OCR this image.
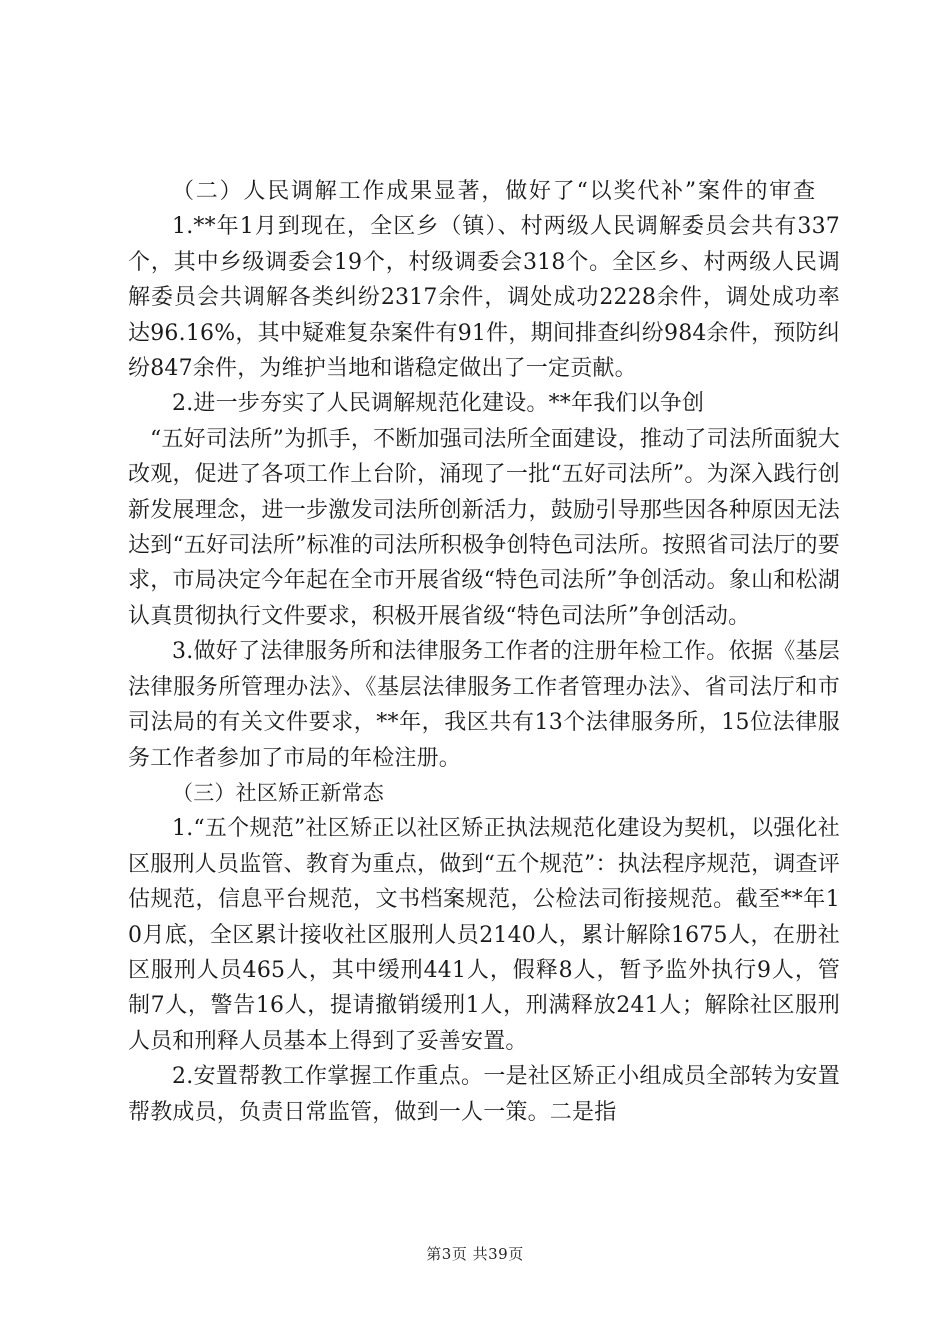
（二）人民调解工作成果显著，做好了“以奖代补”案件的审查

1.**年1月到现在，全区乡（镇）、村两级人民调解委员会共有337个，其中乡级调委会19个，村级调委会318个。全区乡、村两级人民调解委员会共调解各类纠纷2317余件，调处成功2228余件，调处成功率达96.16%，其中疑难复杂案件有91件，期间排查纠纷984余件，预防纠纷847余件，为维护当地和谐稳定做出了一定贡献。

2.进一步夯实了人民调解规范化建设。**年我们以争创

“五好司法所”为抓手，不断加强司法所全面建设，推动了司法所面貌大改观，促进了各项工作上台阶，涌现了一批“五好司法所”。为深入践行创新发展理念，进一步激发司法所创新活力，鼓励引导那些因各种原因无法达到“五好司法所”标准的司法所积极争创特色司法所。按照省司法厅的要求，市局决定今年起在全市开展省级“特色司法所”争创活动。象山和松湖认真贯彻执行文件要求，积极开展省级“特色司法所”争创活动。

3.做好了法律服务所和法律服务工作者的注册年检工作。依据《基层法律服务所管理办法》、《基层法律服务工作者管理办法》、省司法厅和市司法局的有关文件要求，**年，我区共有13个法律服务所，15位法律服务工作者参加了市局的年检注册。

（三）社区矫正新常态

1.“五个规范”社区矫正以社区矫正执法规范化建设为契机，以强化社区服刑人员监管、教育为重点，做到“五个规范”：执法程序规范，调查评估规范，信息平台规范，文书档案规范，公检法司衔接规范。截至**年10月底，全区累计接收社区服刑人员2140人，累计解除1675人，在册社区服刑人员465人，其中缓刑441人，假释8人，暂予监外执行9人，管制7人，警告16人，提请撤销缓刑1人，刑满释放241人；解除社区服刑人员和刑释人员基本上得到了妥善安置。

2.安置帮教工作掌握工作重点。一是社区矫正小组成员全部转为安置帮教成员，负责日常监管，做到一人一策。二是指

第3页 共39页
